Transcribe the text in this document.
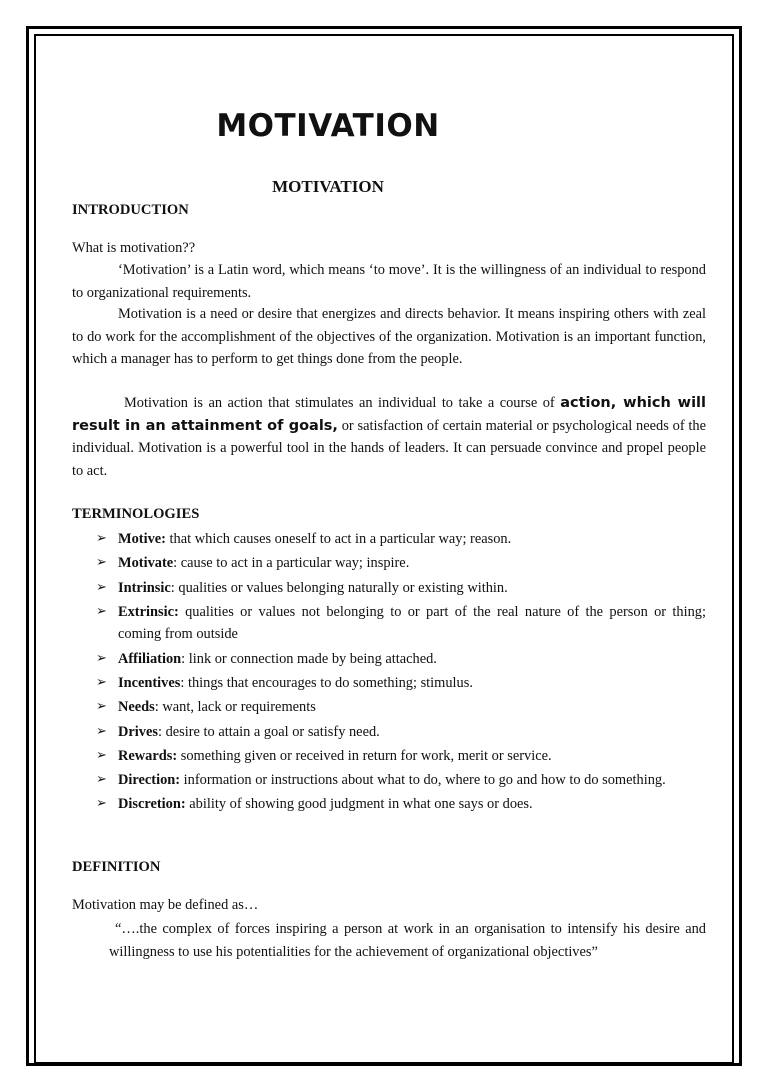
MOTIVATION
MOTIVATION

INTRODUCTION

What is motivation??

‘Motivation’ is a Latin word, which means ‘to move’. It is the willingness of an individual to respond to organizational requirements.

Motivation is a need or desire that energizes and directs behavior. It means inspiring others with zeal to do work for the accomplishment of the objectives of the organization. Motivation is an important function, which a manager has to perform to get things done from the people.

Motivation is an action that stimulates an individual to take a course of action, which will result in an attainment of goals, or satisfaction of certain material or psychological needs of the individual. Motivation is a powerful tool in the hands of leaders. It can persuade convince and propel people to act.

TERMINOLOGIES

➢ Motive: that which causes oneself to act in a particular way; reason.
➢ Motivate: cause to act in a particular way; inspire.
➢ Intrinsic: qualities or values belonging naturally or existing within.
➢ Extrinsic: qualities or values not belonging to or part of the real nature of the person or thing; coming from outside
➢ Affiliation: link or connection made by being attached.
➢ Incentives: things that encourages to do something; stimulus.
➢ Needs: want, lack or requirements
➢ Drives: desire to attain a goal or satisfy need.
➢ Rewards: something given or received in return for work, merit or service.
➢ Direction: information or instructions about what to do, where to go and how to do something.
➢ Discretion: ability of showing good judgment in what one says or does.

DEFINITION

Motivation may be defined as…

“….the complex of forces inspiring a person at work in an organisation to intensify his desire and willingness to use his potentialities for the achievement of organizational objectives”
